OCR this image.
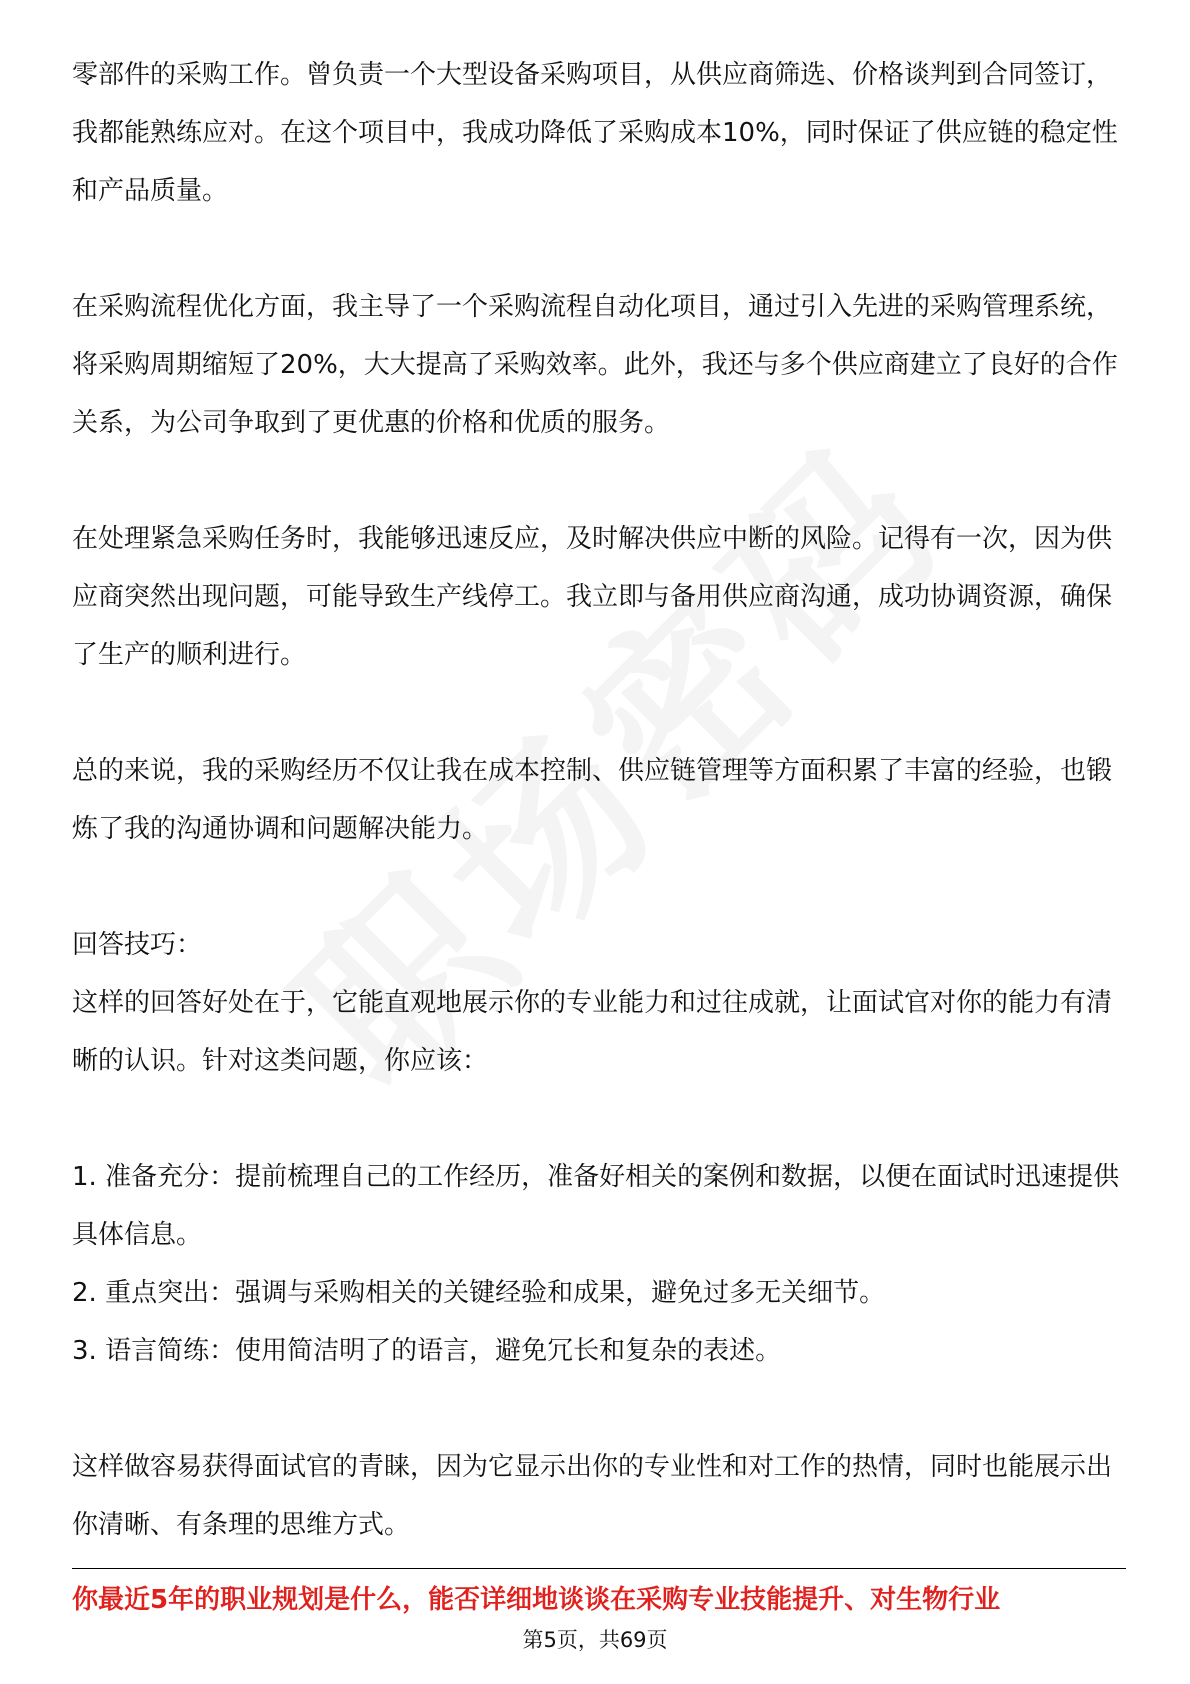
零部件的采购工作。曾负责一个大型设备采购项目，从供应商筛选、价格谈判到合同签订，我都能熟练应对。在这个项目中，我成功降低了采购成本10%，同时保证了供应链的稳定性和产品质量。

在采购流程优化方面，我主导了一个采购流程自动化项目，通过引入先进的采购管理系统，将采购周期缩短了20%，大大提高了采购效率。此外，我还与多个供应商建立了良好的合作关系，为公司争取到了更优惠的价格和优质的服务。

在处理紧急采购任务时，我能够迅速反应，及时解决供应中断的风险。记得有一次，因为供应商突然出现问题，可能导致生产线停工。我立即与备用供应商沟通，成功协调资源，确保了生产的顺利进行。

总的来说，我的采购经历不仅让我在成本控制、供应链管理等方面积累了丰富的经验，也锻炼了我的沟通协调和问题解决能力。

回答技巧：

这样的回答好处在于，它能直观地展示你的专业能力和过往成就，让面试官对你的能力有清晰的认识。针对这类问题，你应该：

1. 准备充分：提前梳理自己的工作经历，准备好相关的案例和数据，以便在面试时迅速提供具体信息。

2. 重点突出：强调与采购相关的关键经验和成果，避免过多无关细节。

3. 语言简练：使用简洁明了的语言，避免冗长和复杂的表述。

这样做容易获得面试官的青睐，因为它显示出你的专业性和对工作的热情，同时也能展示出你清晰、有条理的思维方式。

你最近5年的职业规划是什么，能否详细地谈谈在采购专业技能提升、对生物行业
第5页，共69页
